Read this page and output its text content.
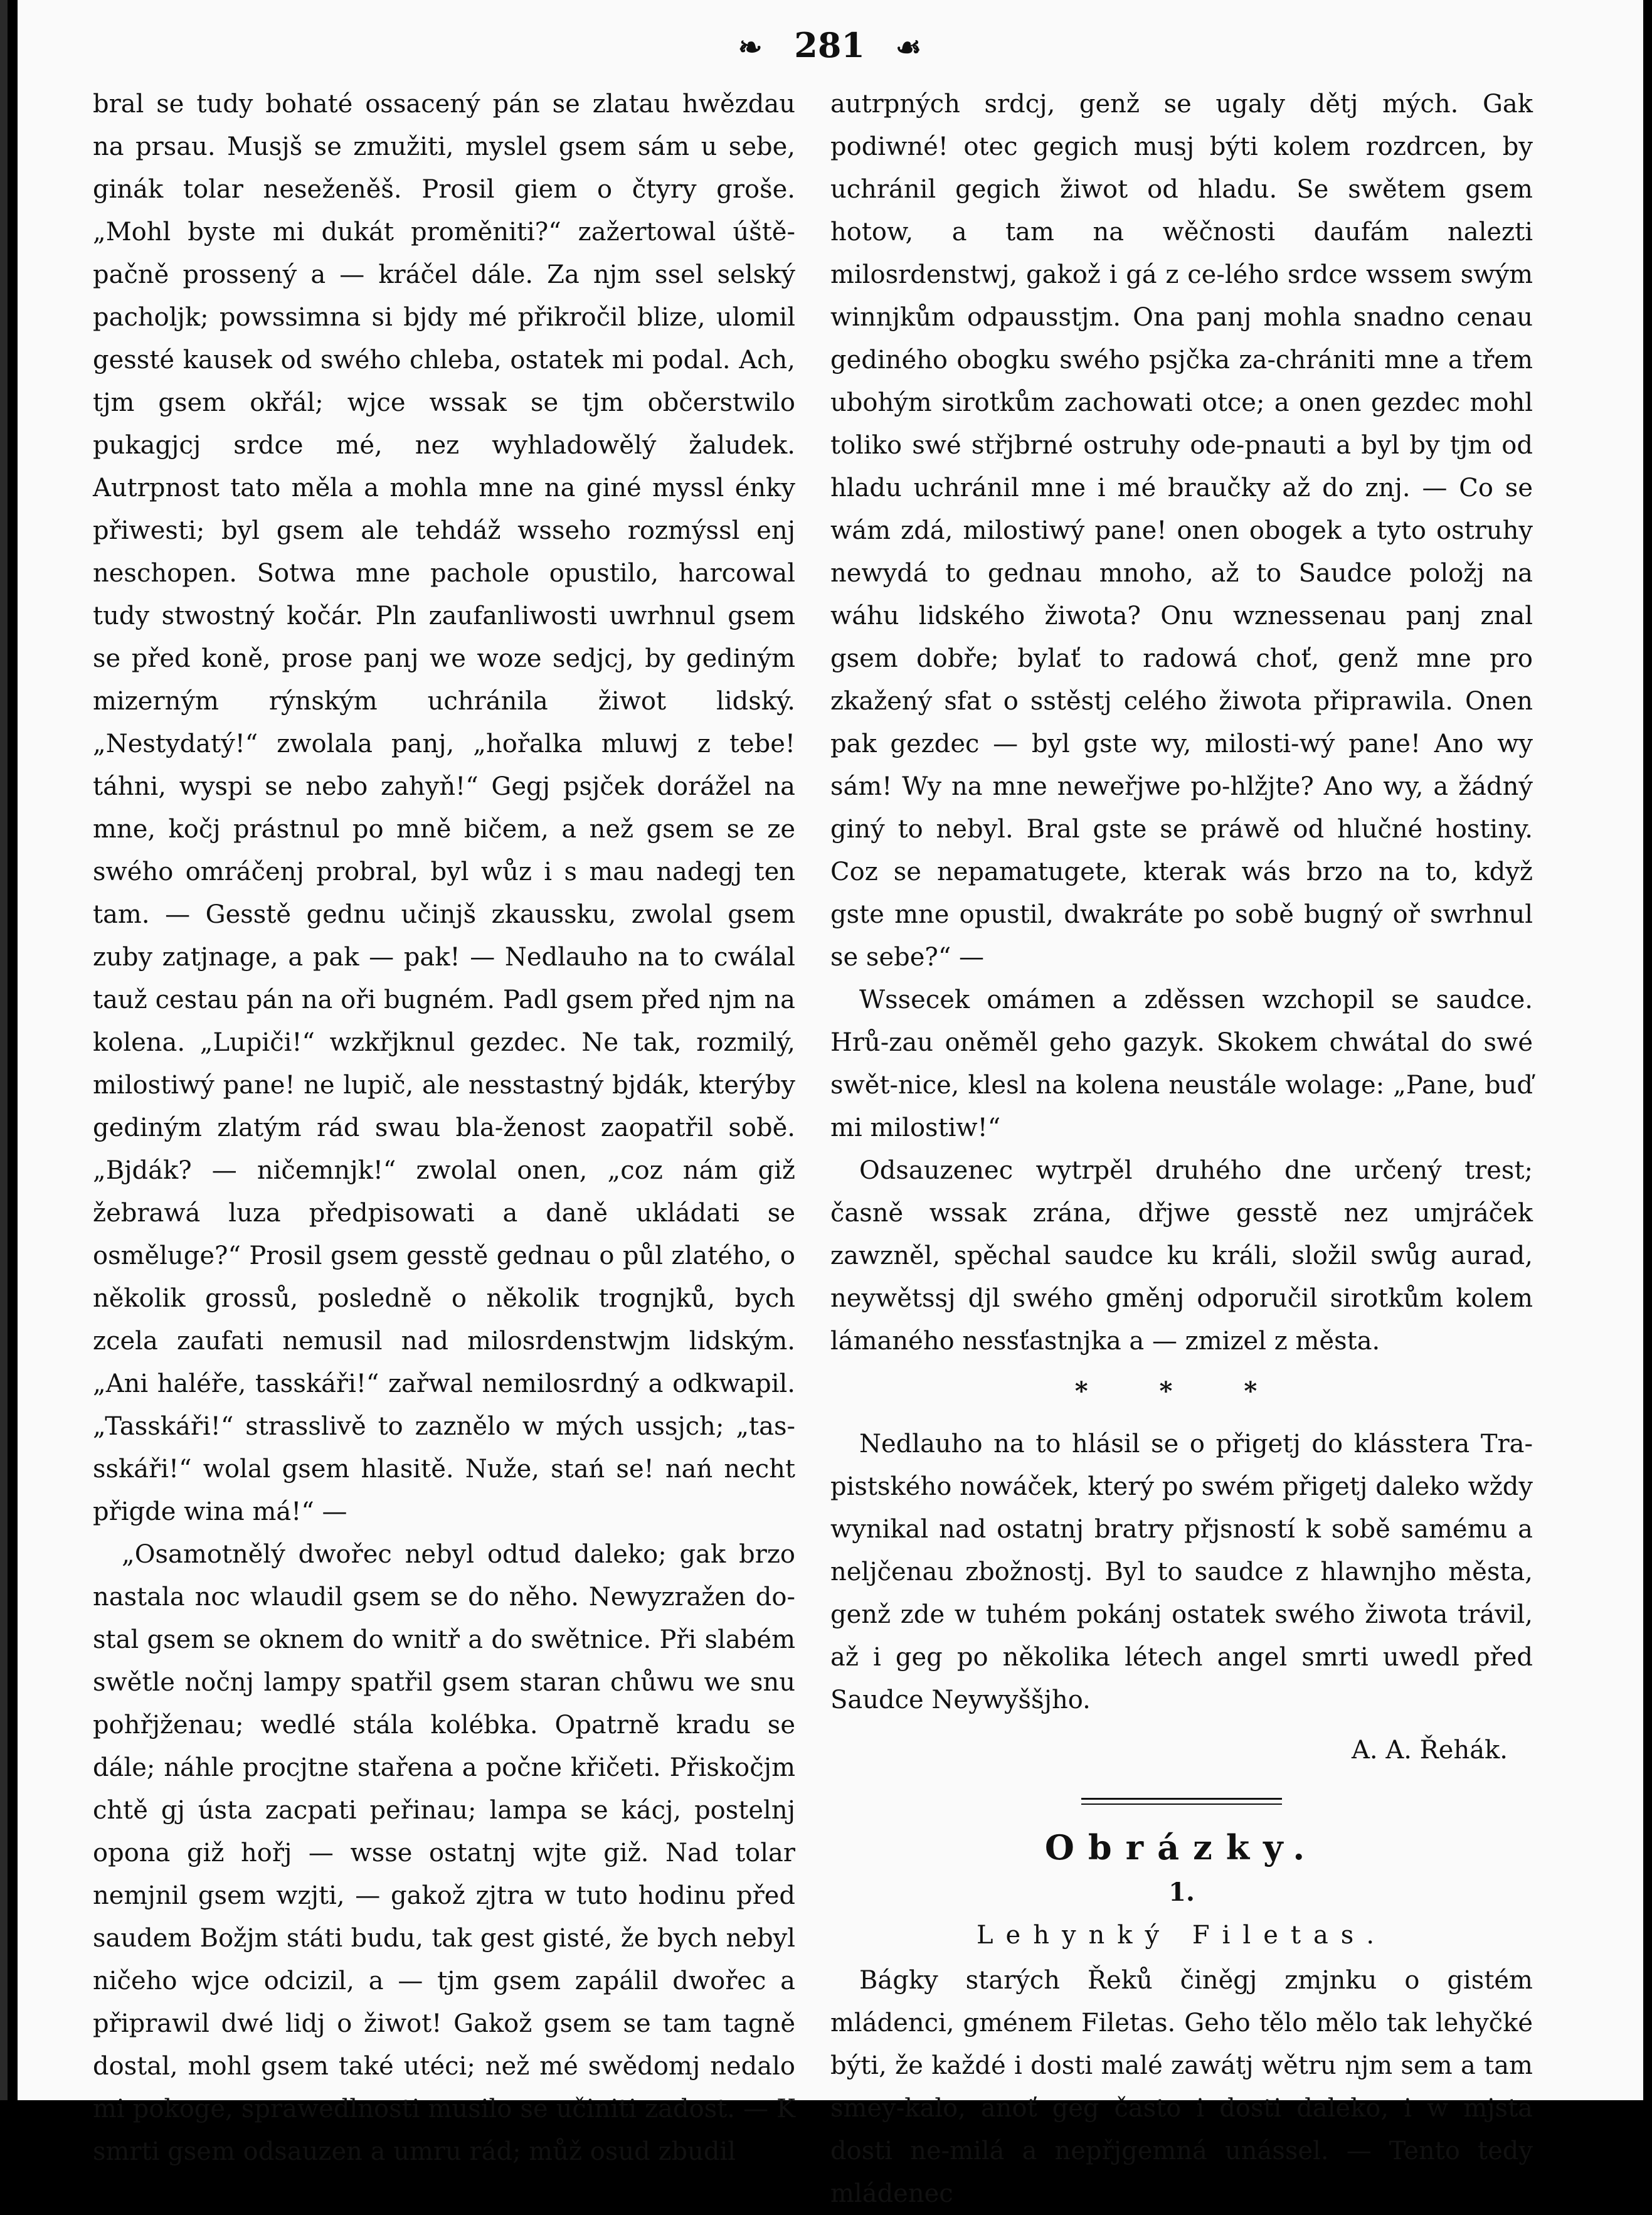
❧ 281 ☙

bral se tudy bohaté ossacený pán se zlatau hwězdau na prsau. Musjš se zmužiti, myslel gsem sám u sebe, ginák tolar neseženěš. Prosil giem o čtyry groše. „Mohl byste mi dukát proměniti?“ zažertowal úště-pačně prossený a — kráčel dále. Za njm ssel selský pacholjk; powssimna si bjdy mé přikročil blize, ulomil gessté kausek od swého chleba, ostatek mi podal. Ach, tjm gsem okřál; wjce wssak se tjm občerstwilo pukagjcj srdce mé, nez wyhladowělý žaludek. Autrpnost tato měla a mohla mne na giné myssl énky přiwesti; byl gsem ale tehdáž wsseho rozmýssl enj neschopen. Sotwa mne pachole opustilo, harcowal tudy stwostný kočár. Pln zaufanliwosti uwrhnul gsem se před koně, prose panj we woze sedjcj, by gediným mizerným rýnským uchránila žiwot lidský. „Nestydatý!“ zwolala panj, „hořalka mluwj z tebe! táhni, wyspi se nebo zahyň!“ Gegj psjček dorážel na mne, kočj prástnul po mně bičem, a než gsem se ze swého omráčenj probral, byl wůz i s mau nadegj ten tam. — Gesstě gednu učinjš zkaussku, zwolal gsem zuby zatjnage, a pak — pak! — Nedlauho na to cwálal tauž cestau pán na oři bugném. Padl gsem před njm na kolena. „Lupiči!“ wzkřjknul gezdec. Ne tak, rozmilý, milostiwý pane! ne lupič, ale nesstastný bjdák, kterýby gediným zlatým rád swau bla-ženost zaopatřil sobě. „Bjdák? — ničemnjk!“ zwolal onen, „coz nám giž žebrawá luza předpisowati a daně ukládati se osměluge?“ Prosil gsem gesstě gednau o půl zlatého, o několik grossů, posledně o několik trognjků, bych zcela zaufati nemusil nad milosrdenstwjm lidským. „Ani haléře, tasskáři!“ zařwal nemilosrdný a odkwapil. „Tasskáři!“ strasslivě to zaznělo w mých ussjch; „tas-sskáři!“ wolal gsem hlasitě. Nuže, stań se! nań necht přigde wina má!“ —

„Osamotnělý dwořec nebyl odtud daleko; gak brzo nastala noc wlaudil gsem se do něho. Newyzražen do-stal gsem se oknem do wnitř a do swětnice. Při slabém swětle nočnj lampy spatřil gsem staran chůwu we snu pohřjženau; wedlé stála kolébka. Opatrně kradu se dále; náhle procjtne stařena a počne křičeti. Přiskočjm chtě gj ústa zacpati peřinau; lampa se kácj, postelnj opona giž hořj — wsse ostatnj wjte giž. Nad tolar nemjnil gsem wzjti, — gakož zjtra w tuto hodinu před saudem Božjm státi budu, tak gest gisté, že bych nebyl ničeho wjce odcizil, a — tjm gsem zapálil dwořec a připrawil dwé lidj o žiwot! Gakož gsem se tam tagně dostal, mohl gsem také utéci; než mé swědomj nedalo mi pokoge, sprawedlnosti musilo se učiniti zadost. — K smrti gsem odsauzen a umru rád; můž osud zbudil

autrpných srdcj, genž se ugaly dětj mých. Gak podiwné! otec gegich musj býti kolem rozdrcen, by uchránil gegich žiwot od hladu. Se swětem gsem hotow, a tam na wěčnosti daufám nalezti milosrdenstwj, gakož i gá z ce-lého srdce wssem swým winnjkům odpausstjm. Ona panj mohla snadno cenau gediného obogku swého psjčka za-chrániti mne a třem ubohým sirotkům zachowati otce; a onen gezdec mohl toliko swé střjbrné ostruhy ode-pnauti a byl by tjm od hladu uchránil mne i mé braučky až do znj. — Co se wám zdá, milostiwý pane! onen obogek a tyto ostruhy newydá to gednau mnoho, až to Saudce položj na wáhu lidského žiwota? Onu wznessenau panj znal gsem dobře; bylať to radowá choť, genž mne pro zkažený sfat o sstěstj celého žiwota připrawila. Onen pak gezdec — byl gste wy, milosti-wý pane! Ano wy sám! Wy na mne neweřjwe po-hlžjte? Ano wy, a žádný giný to nebyl. Bral gste se práwě od hlučné hostiny. Coz se nepamatugete, kterak wás brzo na to, když gste mne opustil, dwakráte po sobě bugný oř swrhnul se sebe?“ —

Wssecek omámen a zděssen wzchopil se saudce. Hrů-zau oněměl geho gazyk. Skokem chwátal do swé swět-nice, klesl na kolena neustále wolage: „Pane, buď mi milostiw!“

Odsauzenec wytrpěl druhého dne určený trest; časně wssak zrána, dřjwe gesstě nez umjráček zawzněl, spěchal saudce ku králi, složil swůg aurad, neywětssj djl swého gměnj odporučil sirotkům kolem lámaného nessťastnjka a — zmizel z města.

* * *

Nedlauho na to hlásil se o přigetj do klásstera Tra-pistského nowáček, který po swém přigetj daleko wždy wynikal nad ostatnj bratry přjsností k sobě samému a neljčenau zbožnostj. Byl to saudce z hlawnjho města, genž zde w tuhém pokánj ostatek swého žiwota trávil, až i geg po několika létech angel smrti uwedl před Saudce Neywyššjho.

A. A. Řehák.
Obrázky.
1.
Lehynký Filetas.

Bágky starých Řeků činěgj zmjnku o gistém mládenci, gménem Filetas. Geho tělo mělo tak lehyčké býti, že každé i dosti malé zawátj wětru njm sem a tam smey-kalo, anoť geg často i dosti daleko, i w mjsta dosti ne-milá a nepřjgemná unássel. — Tento tedy mládenec
